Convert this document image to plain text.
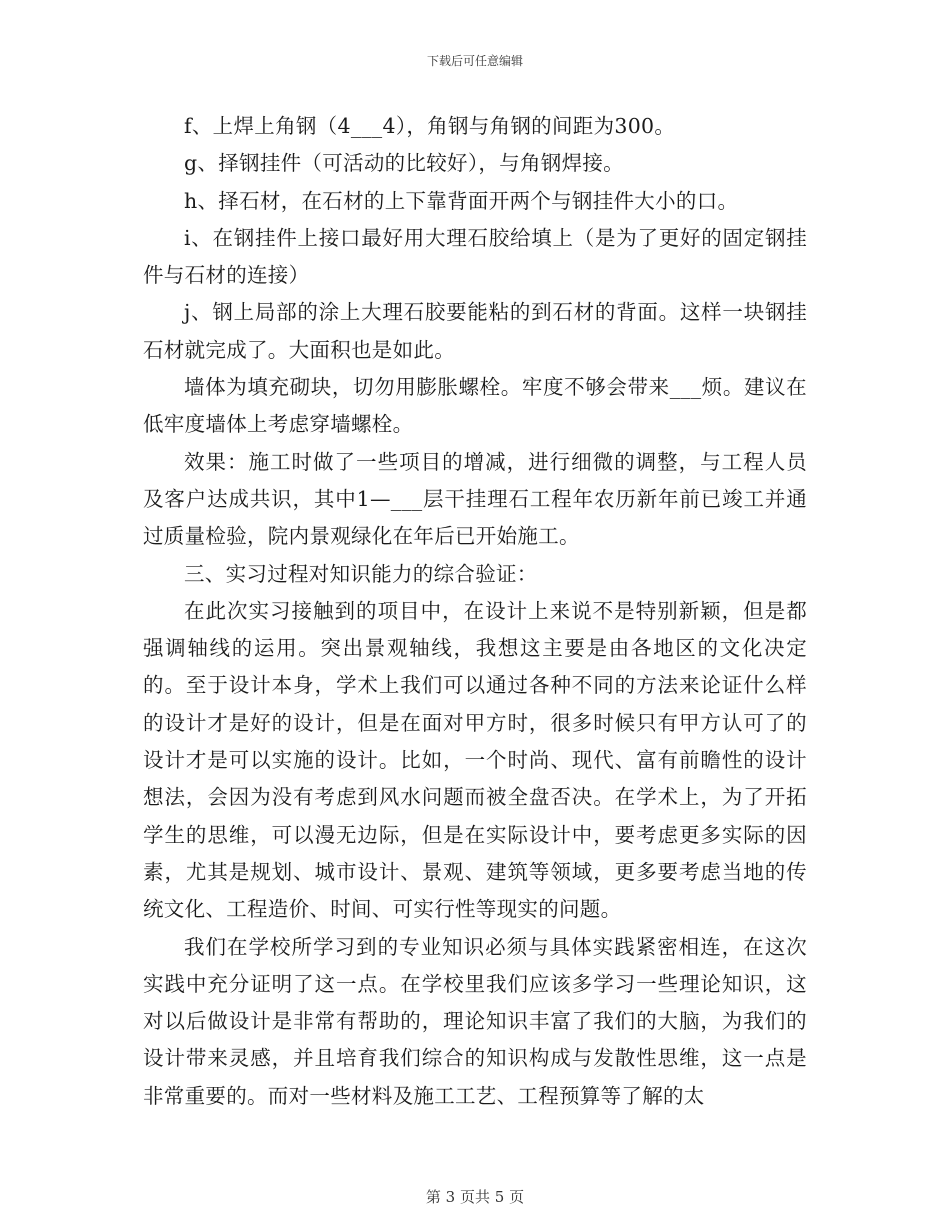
下载后可任意编辑

f、上焊上角钢（4___4），角钢与角钢的间距为300。

g、择钢挂件（可活动的比较好），与角钢焊接。

h、择石材，在石材的上下靠背面开两个与钢挂件大小的口。

i、在钢挂件上接口最好用大理石胶给填上（是为了更好的固定钢挂件与石材的连接）

j、钢上局部的涂上大理石胶要能粘的到石材的背面。这样一块钢挂石材就完成了。大面积也是如此。

墙体为填充砌块，切勿用膨胀螺栓。牢度不够会带来___烦。建议在低牢度墙体上考虑穿墙螺栓。

效果：施工时做了一些项目的增减，进行细微的调整，与工程人员及客户达成共识，其中1—___层干挂理石工程年农历新年前已竣工并通过质量检验，院内景观绿化在年后已开始施工。

三、实习过程对知识能力的综合验证：

在此次实习接触到的项目中，在设计上来说不是特别新颖，但是都强调轴线的运用。突出景观轴线，我想这主要是由各地区的文化决定的。至于设计本身，学术上我们可以通过各种不同的方法来论证什么样的设计才是好的设计，但是在面对甲方时，很多时候只有甲方认可了的设计才是可以实施的设计。比如，一个时尚、现代、富有前瞻性的设计想法，会因为没有考虑到风水问题而被全盘否决。在学术上，为了开拓学生的思维，可以漫无边际，但是在实际设计中，要考虑更多实际的因素，尤其是规划、城市设计、景观、建筑等领域，更多要考虑当地的传统文化、工程造价、时间、可实行性等现实的问题。

我们在学校所学习到的专业知识必须与具体实践紧密相连，在这次实践中充分证明了这一点。在学校里我们应该多学习一些理论知识，这对以后做设计是非常有帮助的，理论知识丰富了我们的大脑，为我们的设计带来灵感，并且培育我们综合的知识构成与发散性思维，这一点是非常重要的。而对一些材料及施工工艺、工程预算等了解的太

第 3 页共 5 页
